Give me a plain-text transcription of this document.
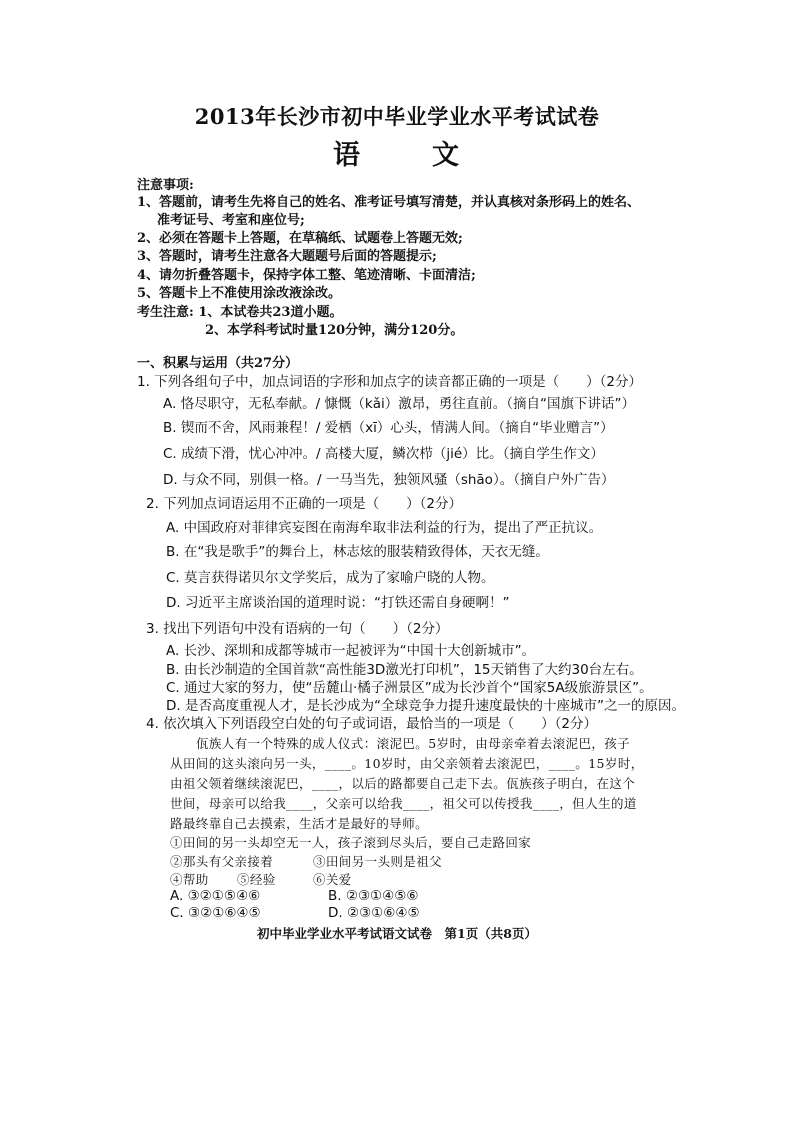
2013年长沙市初中毕业学业水平考试试卷
语	文
注意事项:
1、答题前，请考生先将自己的姓名、准考证号填写清楚，并认真核对条形码上的姓名、
准考证号、考室和座位号;
2、必须在答题卡上答题，在草稿纸、试题卷上答题无效;
3、答题时，请考生注意各大题题号后面的答题提示;
4、请勿折叠答题卡，保持字体工整、笔迹清晰、卡面清洁;
5、答题卡上不准使用涂改液涂改。
考生注意: 1、本试卷共23道小题。
2、本学科考试时量120分钟，满分120分。
一、积累与运用（共27分）
1. 下列各组句子中，加点词语的字形和加点字的读音都正确的一项是（　　）（2分）
A. 恪尽职守，无私奉献。/ 慷慨（kǎi）激昂，勇往直前。（摘自“国旗下讲话”）
B. 锲而不舍，风雨兼程！/ 爱栖（xī）心头，情满人间。（摘自“毕业赠言”）
C. 成绩下滑，忧心冲冲。/ 高楼大厦，鳞次栉（jié）比。（摘自学生作文）
D. 与众不同，别俱一格。/ 一马当先，独领风骚（shāo）。（摘自户外广告）
2. 下列加点词语运用不正确的一项是（　　）（2分）
A. 中国政府对菲律宾妄图在南海牟取非法利益的行为，提出了严正抗议。
B. 在“我是歌手”的舞台上，林志炫的服装精致得体，天衣无缝。
C. 莫言获得诺贝尔文学奖后，成为了家喻户晓的人物。
D. 习近平主席谈治国的道理时说：“打铁还需自身硬啊！”
3. 找出下列语句中没有语病的一句（　　）（2分）
A. 长沙、深圳和成都等城市一起被评为“中国十大创新城市”。
B. 由长沙制造的全国首款“高性能3D激光打印机”，15天销售了大约30台左右。
C. 通过大家的努力，使“岳麓山·橘子洲景区”成为长沙首个“国家5A级旅游景区”。
D. 是否高度重视人才，是长沙成为“全球竞争力提升速度最快的十座城市”之一的原因。
4. 依次填入下列语段空白处的句子或词语，最恰当的一项是（　　）（2分）
佤族人有一个特殊的成人仪式：滚泥巴。5岁时，由母亲牵着去滚泥巴，孩子
从田间的这头滚向另一头，____。10岁时，由父亲领着去滚泥巴，____。15岁时，
由祖父领着继续滚泥巴，____，以后的路都要自己走下去。佤族孩子明白，在这个
世间，母亲可以给我____，父亲可以给我____，祖父可以传授我____，但人生的道
路最终靠自己去摸索，生活才是最好的导师。
①田间的另一头却空无一人，孩子滚到尽头后，要自己走路回家
②那头有父亲接着	③田间另一头则是祖父
④帮助 ⑤经验	⑥关爱
A. ③②①⑤④⑥	B. ②③①④⑤⑥
C. ③②①⑥④⑤	D. ②③①⑥④⑤
初中毕业学业水平考试语文试卷　第1页（共8页）
